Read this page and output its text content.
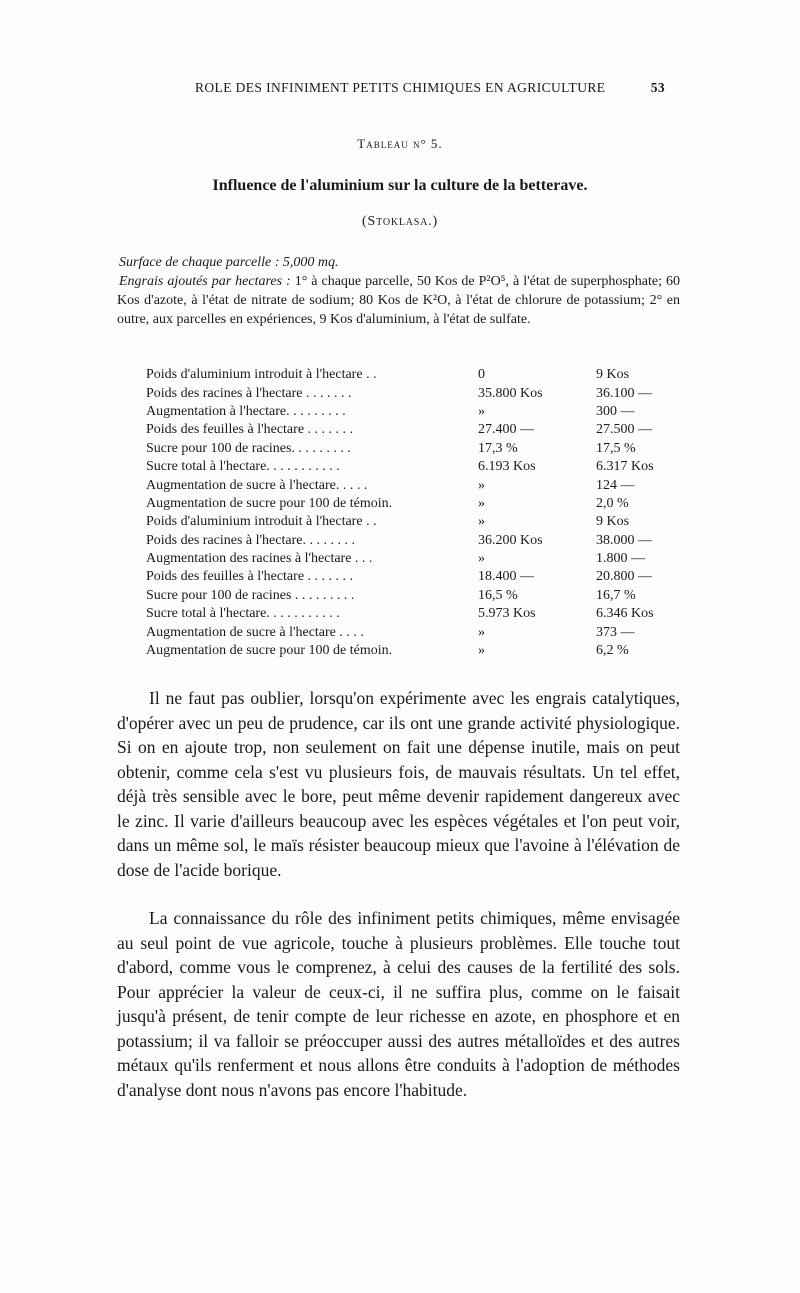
ROLE DES INFINIMENT PETITS CHIMIQUES EN AGRICULTURE	53
Tableau n° 5.
Influence de l'aluminium sur la culture de la betterave.
(Stoklasa.)

Surface de chaque parcelle : 5,000 mq.

Engrais ajoutés par hectares : 1° à chaque parcelle, 50 Kos de P²O⁵, à l'état de superphosphate; 60 Kos d'azote, à l'état de nitrate de sodium; 80 Kos de K²O, à l'état de chlorure de potassium; 2° en outre, aux parcelles en expériences, 9 Kos d'aluminium, à l'état de sulfate.

Poids d'aluminium introduit à l'hectare . .	0	9 Kos
Poids des racines à l'hectare . . . . . . .	35.800 Kos	36.100 —
Augmentation à l'hectare. . . . . . . . .	»	300 —
Poids des feuilles à l'hectare . . . . . . .	27.400 —	27.500 —
Sucre pour 100 de racines. . . . . . . . .	17,3 %	17,5 %
Sucre total à l'hectare. . . . . . . . . . .	6.193 Kos	6.317 Kos
Augmentation de sucre à l'hectare. . . . .	»	124 —
Augmentation de sucre pour 100 de témoin.	»	2,0 %
Poids d'aluminium introduit à l'hectare . .	»	9 Kos
Poids des racines à l'hectare. . . . . . . .	36.200 Kos	38.000 —
Augmentation des racines à l'hectare . . .	»	1.800 —
Poids des feuilles à l'hectare . . . . . . .	18.400 —	20.800 —
Sucre pour 100 de racines . . . . . . . . .	16,5 %	16,7 %
Sucre total à l'hectare. . . . . . . . . . .	5.973 Kos	6.346 Kos
Augmentation de sucre à l'hectare . . . .	»	373 —
Augmentation de sucre pour 100 de témoin.	»	6,2 %

Il ne faut pas oublier, lorsqu'on expérimente avec les engrais catalytiques, d'opérer avec un peu de prudence, car ils ont une grande activité physiologique. Si on en ajoute trop, non seulement on fait une dépense inutile, mais on peut obtenir, comme cela s'est vu plusieurs fois, de mauvais résultats. Un tel effet, déjà très sensible avec le bore, peut même devenir rapidement dangereux avec le zinc. Il varie d'ailleurs beaucoup avec les espèces végétales et l'on peut voir, dans un même sol, le maïs résister beaucoup mieux que l'avoine à l'élévation de dose de l'acide borique.

La connaissance du rôle des infiniment petits chimiques, même envisagée au seul point de vue agricole, touche à plusieurs problèmes. Elle touche tout d'abord, comme vous le comprenez, à celui des causes de la fertilité des sols. Pour apprécier la valeur de ceux-ci, il ne suffira plus, comme on le faisait jusqu'à présent, de tenir compte de leur richesse en azote, en phosphore et en potassium; il va falloir se préoccuper aussi des autres métalloïdes et des autres métaux qu'ils renferment et nous allons être conduits à l'adoption de méthodes d'analyse dont nous n'avons pas encore l'habitude.
